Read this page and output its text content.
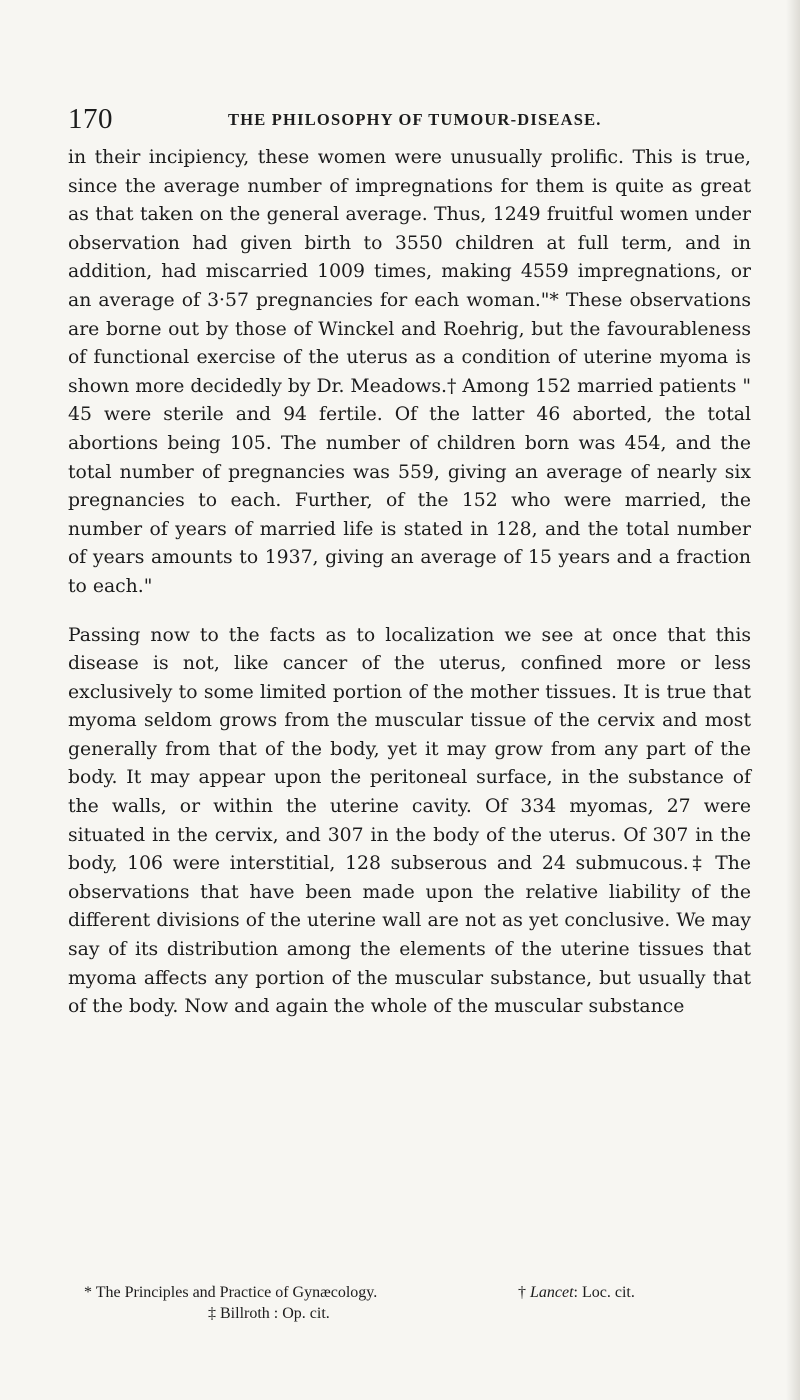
170	THE PHILOSOPHY OF TUMOUR-DISEASE.

in their incipiency, these women were unusually prolific. This is true, since the average number of impregnations for them is quite as great as that taken on the general average. Thus, 1249 fruitful women under observation had given birth to 3550 children at full term, and in addition, had miscarried 1009 times, making 4559 impregnations, or an average of 3·57 pregnancies for each woman."* These observations are borne out by those of Winckel and Roehrig, but the favourableness of functional exercise of the uterus as a condition of uterine myoma is shown more decidedly by Dr. Meadows.† Among 152 married patients " 45 were sterile and 94 fertile. Of the latter 46 aborted, the total abortions being 105. The number of children born was 454, and the total number of pregnancies was 559, giving an average of nearly six pregnancies to each. Further, of the 152 who were married, the number of years of married life is stated in 128, and the total number of years amounts to 1937, giving an average of 15 years and a fraction to each."

Passing now to the facts as to localization we see at once that this disease is not, like cancer of the uterus, confined more or less exclusively to some limited portion of the mother tissues. It is true that myoma seldom grows from the muscular tissue of the cervix and most generally from that of the body, yet it may grow from any part of the body. It may appear upon the peritoneal surface, in the substance of the walls, or within the uterine cavity. Of 334 myomas, 27 were situated in the cervix, and 307 in the body of the uterus. Of 307 in the body, 106 were interstitial, 128 subserous and 24 submucous.‡ The observations that have been made upon the relative liability of the different divisions of the uterine wall are not as yet conclusive. We may say of its distribution among the elements of the uterine tissues that myoma affects any portion of the muscular substance, but usually that of the body. Now and again the whole of the muscular substance

* The Principles and Practice of Gynæcology.	† Lancet: Loc. cit.
‡ Billroth : Op. cit.
